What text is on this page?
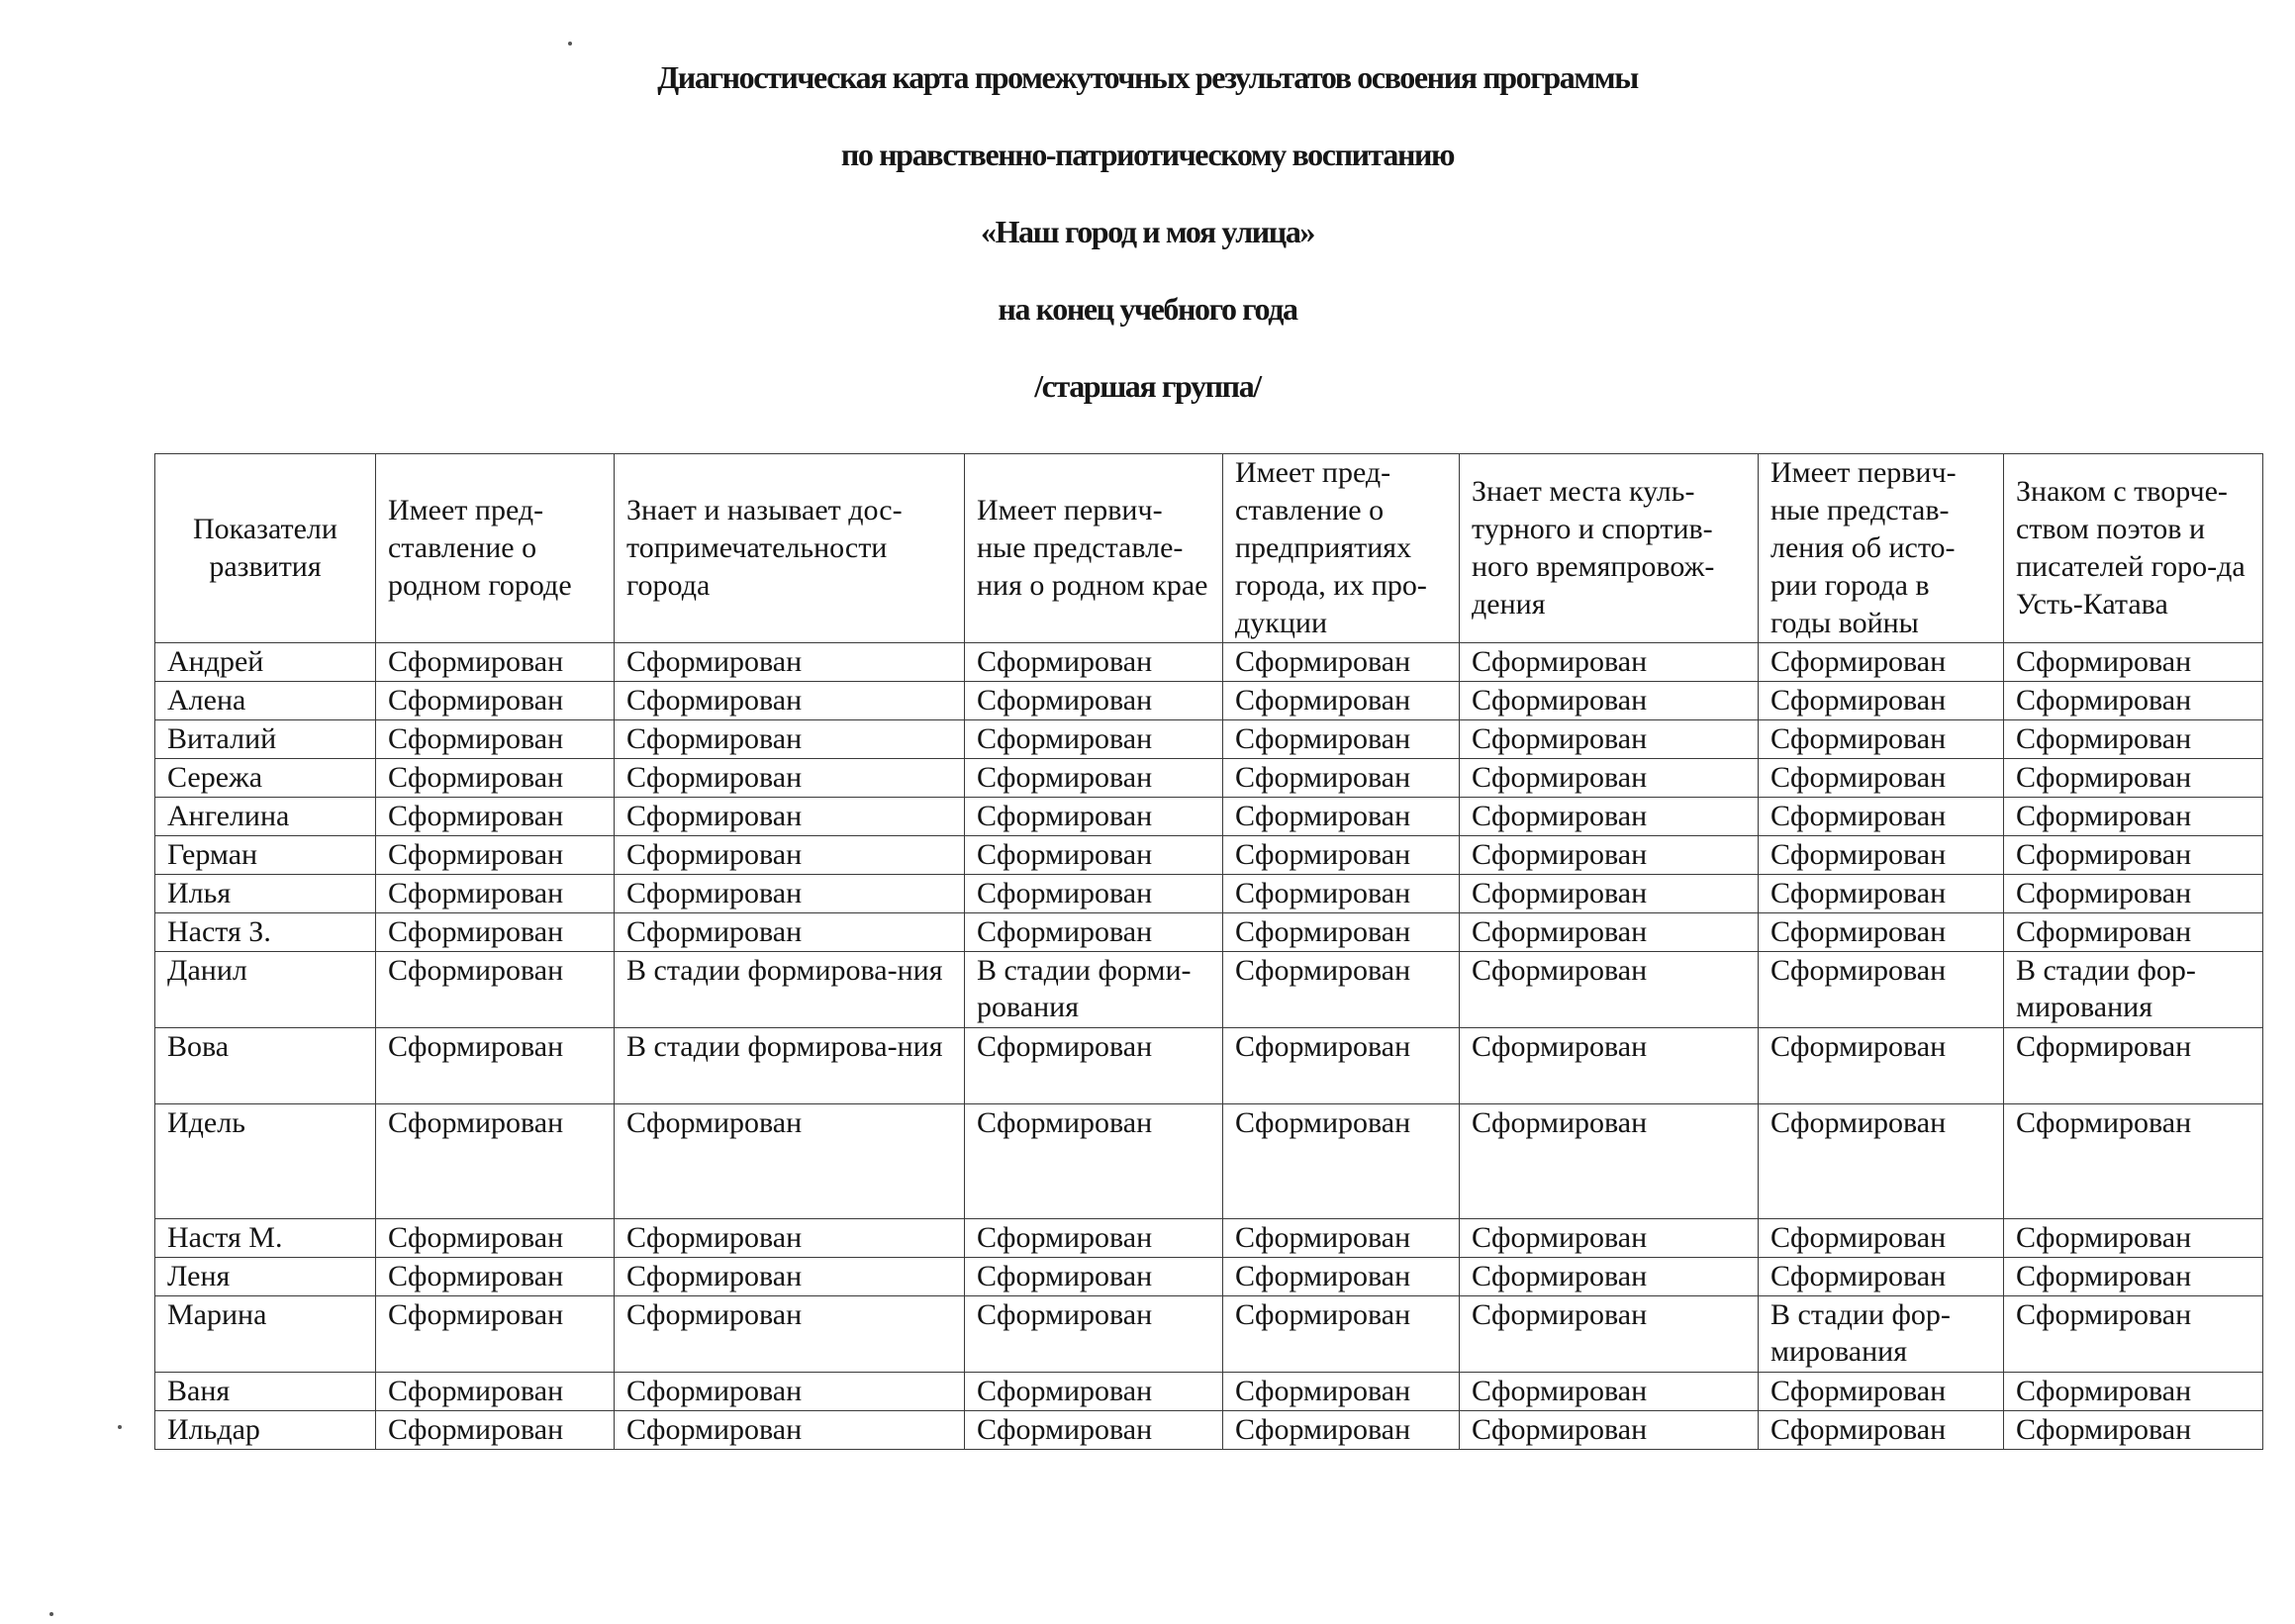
Диагностическая карта промежуточных результатов освоения программы
по нравственно-патриотическому воспитанию
«Наш город и моя улица»
на конец учебного года
/старшая группа/
Показатели развития	Имеет пред-ставление о родном городе	Знает и называет дос-топримечательности города	Имеет первич-ные представле-ния о родном крае	Имеет пред-ставление о предприятиях города, их про-дукции	Знает места куль-турного и спортив-ного времяпровож-дения	Имеет первич-ные представ-ления об исто-рии города в годы войны	Знаком с творче-ством поэтов и писателей горо-да Усть-Катава
Андрей	Сформирован	Сформирован	Сформирован	Сформирован	Сформирован	Сформирован	Сформирован
Алена	Сформирован	Сформирован	Сформирован	Сформирован	Сформирован	Сформирован	Сформирован
Виталий	Сформирован	Сформирован	Сформирован	Сформирован	Сформирован	Сформирован	Сформирован
Сережа	Сформирован	Сформирован	Сформирован	Сформирован	Сформирован	Сформирован	Сформирован
Ангелина	Сформирован	Сформирован	Сформирован	Сформирован	Сформирован	Сформирован	Сформирован
Герман	Сформирован	Сформирован	Сформирован	Сформирован	Сформирован	Сформирован	Сформирован
Илья	Сформирован	Сформирован	Сформирован	Сформирован	Сформирован	Сформирован	Сформирован
Настя З.	Сформирован	Сформирован	Сформирован	Сформирован	Сформирован	Сформирован	Сформирован
Данил	Сформирован	В стадии формирова-ния	В стадии форми-рования	Сформирован	Сформирован	Сформирован	В стадии фор-мирования
Вова	Сформирован	В стадии формирова-ния	Сформирован	Сформирован	Сформирован	Сформирован	Сформирован
Идель	Сформирован	Сформирован	Сформирован	Сформирован	Сформирован	Сформирован	Сформирован
Настя М.	Сформирован	Сформирован	Сформирован	Сформирован	Сформирован	Сформирован	Сформирован
Леня	Сформирован	Сформирован	Сформирован	Сформирован	Сформирован	Сформирован	Сформирован
Марина	Сформирован	Сформирован	Сформирован	Сформирован	Сформирован	В стадии фор-мирования	Сформирован
Ваня	Сформирован	Сформирован	Сформирован	Сформирован	Сформирован	Сформирован	Сформирован
Ильдар	Сформирован	Сформирован	Сформирован	Сформирован	Сформирован	Сформирован	Сформирован
